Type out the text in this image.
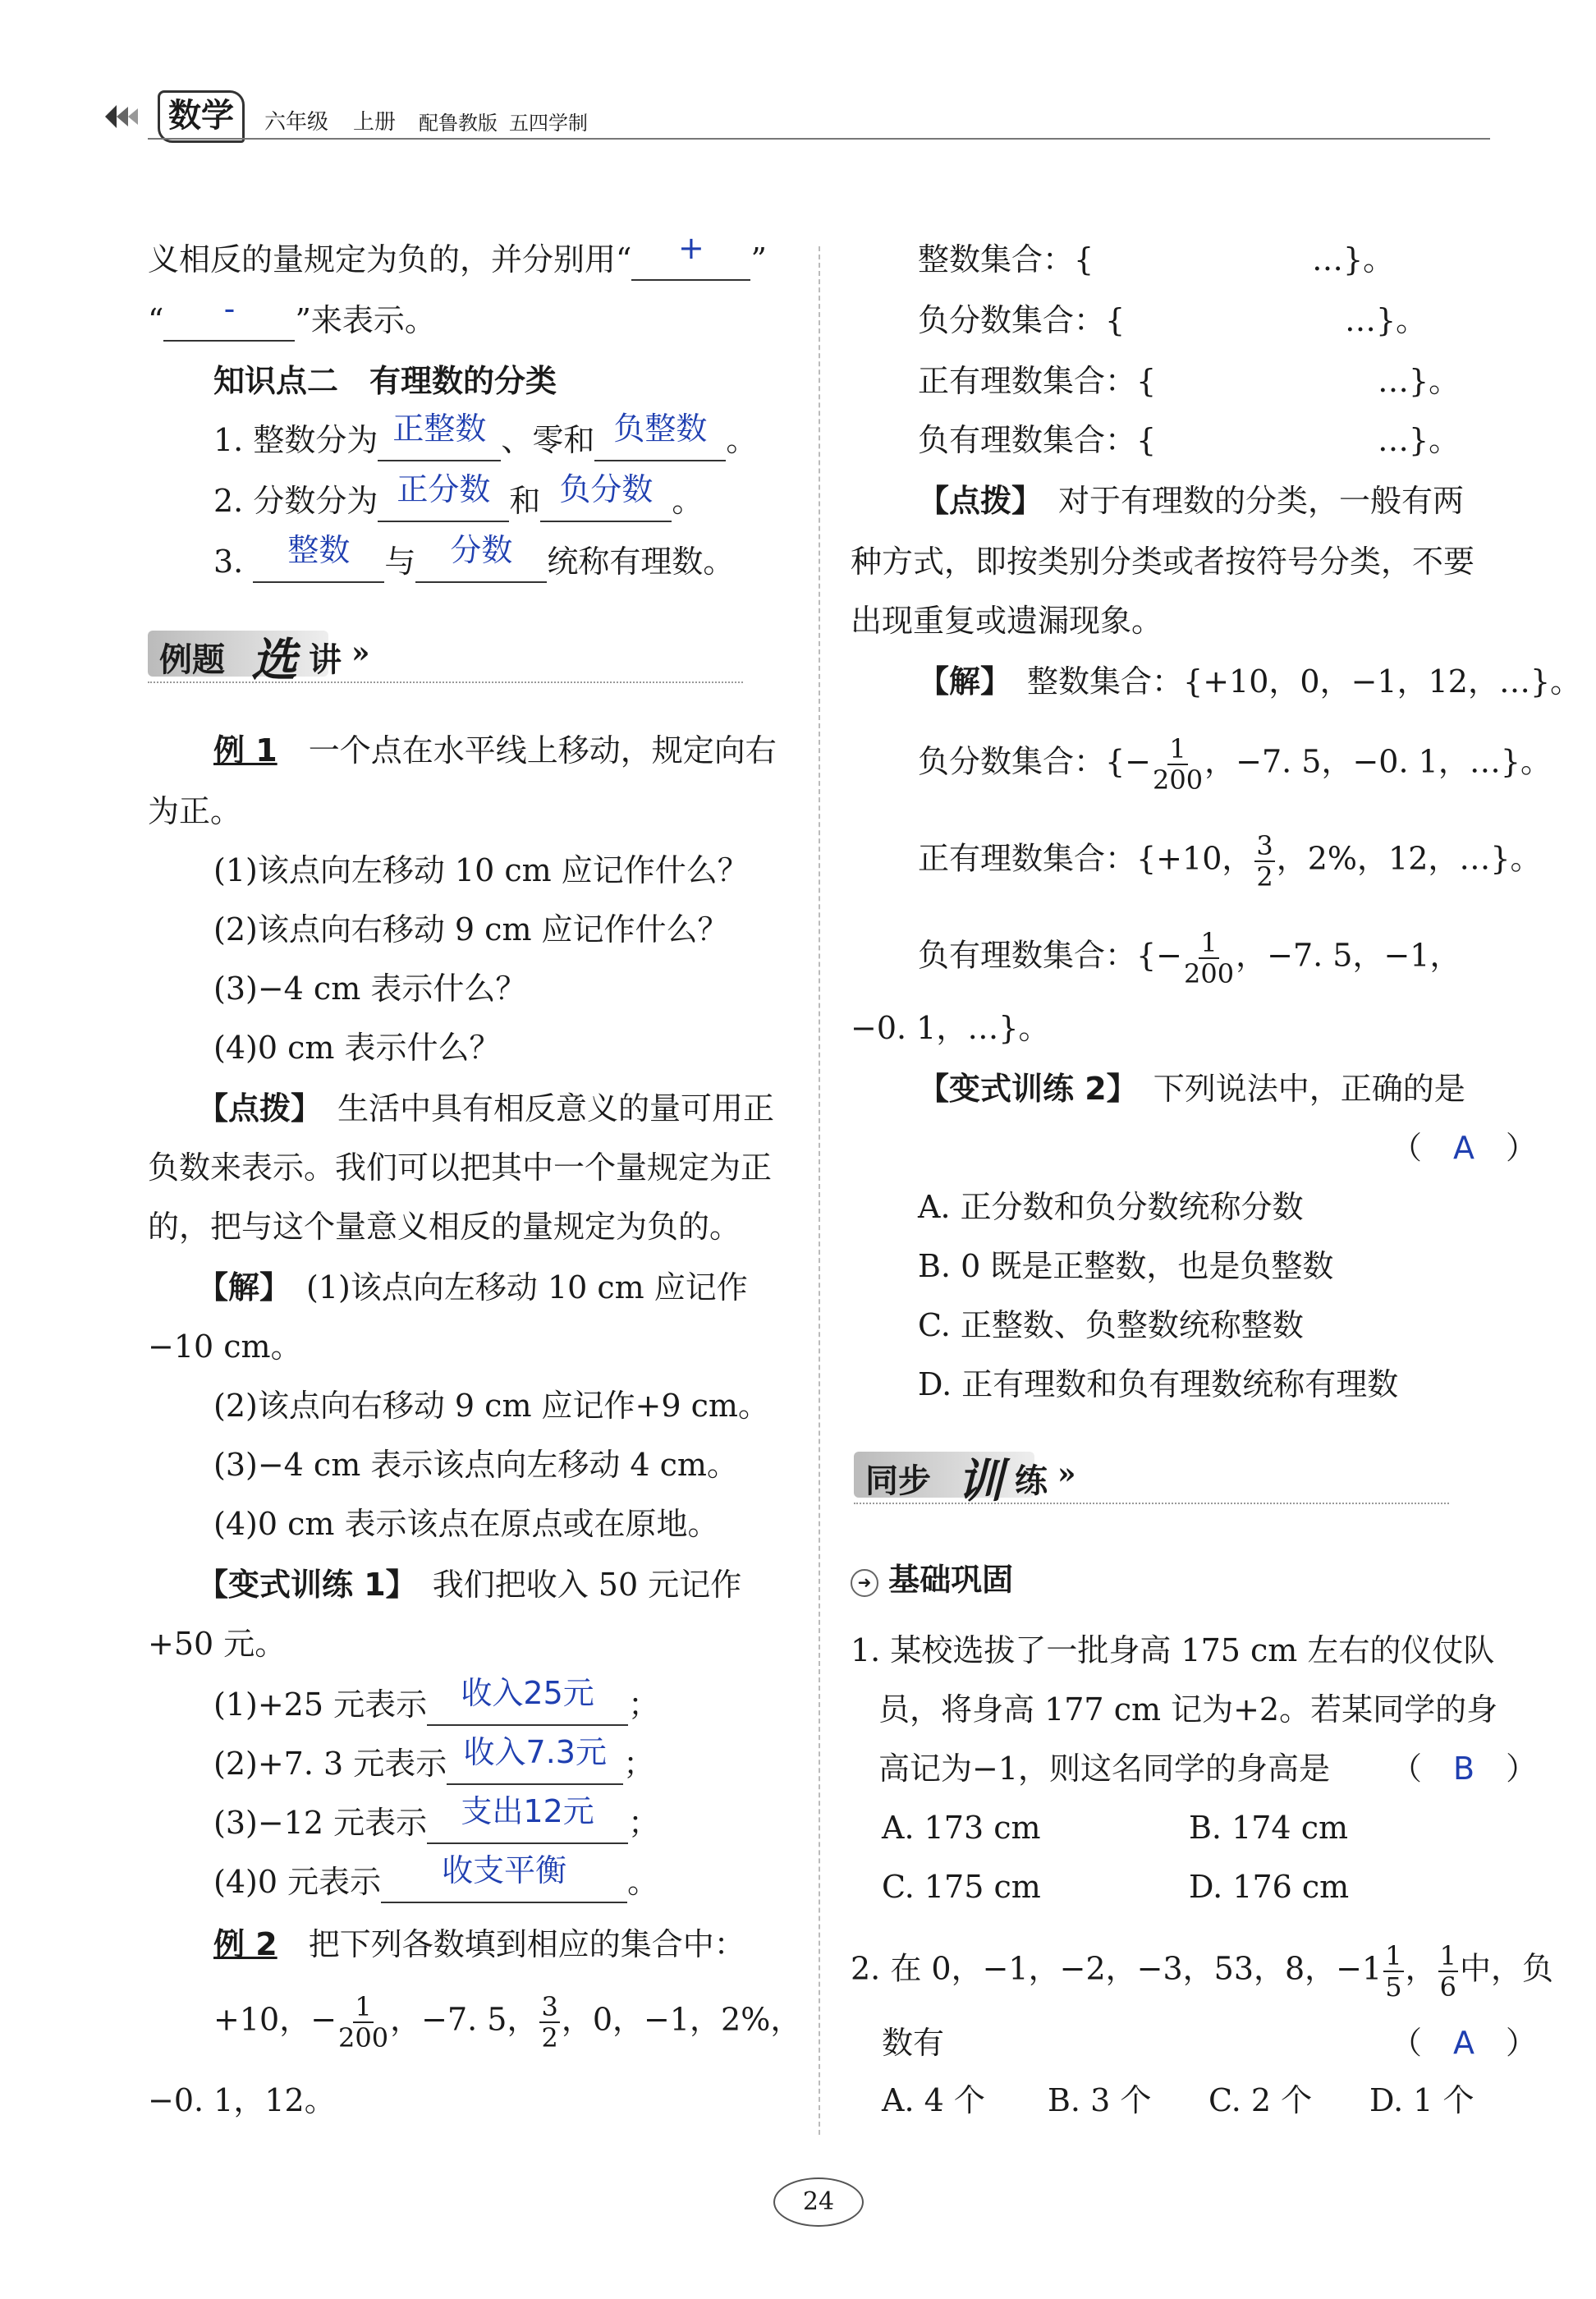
数学	六年级 上册 配鲁教版 五四学制
义相反的量规定为负的，并分别用“ + ”
“ - ”来表示。
知识点二　有理数的分类
1. 整数分为 正整数 、零和 负整数 。
2. 分数分为 正分数 和 负分数 。
3. 整数 与 分数 统称有理数。
例题 选 讲 »
例 1　 一个点在水平线上移动，规定向右
为正。
(1)该点向左移动 10 cm 应记作什么？
(2)该点向右移动 9 cm 应记作什么？
(3)−4 cm 表示什么？
(4)0 cm 表示什么？
【点拨】　 生活中具有相反意义的量可用正
负数来表示。我们可以把其中一个量规定为正
的，把与这个量意义相反的量规定为负的。
【解】　 (1)该点向左移动 10 cm 应记作
−10 cm。
(2)该点向右移动 9 cm 应记作+9 cm。
(3)−4 cm 表示该点向左移动 4 cm。
(4)0 cm 表示该点在原点或在原地。
【变式训练 1】　 我们把收入 50 元记作
+50 元。
(1)+25 元表示 收入25元 ；
(2)+7. 3 元表示 收入7.3元 ；
(3)−12 元表示 支出12元 ；
(4)0 元表示 收支平衡 。
例 2　 把下列各数填到相应的集合中：
+10，− $\frac{1}{200}$ ，−7. 5， $\frac{3}{2}$ ，0，−1，2%，
−0. 1，12。
整数集合：{	…}。
负分数集合：{	…}。
正有理数集合：{	…}。
负有理数集合：{	…}。
【点拨】　 对于有理数的分类，一般有两
种方式，即按类别分类或者按符号分类，不要
出现重复或遗漏现象。
【解】　 整数集合：{+10，0，−1，12，…}。
负分数集合：{− $\frac{1}{200}$ ，−7. 5，−0. 1，…}。
正有理数集合：{+10， $\frac{3}{2}$ ，2%，12，…}。
负有理数集合：{− $\frac{1}{200}$ ，−7. 5，−1，
−0. 1，…}。
【变式训练 2】　 下列说法中，正确的是
（　A　）
A. 正分数和负分数统称分数
B. 0 既是正整数，也是负整数
C. 正整数、负整数统称整数
D. 正有理数和负有理数统称有理数
同步 训 练 »
➜ 基础巩固
1. 某校选拔了一批身高 175 cm 左右的仪仗队
员，将身高 177 cm 记为+2。若某同学的身
高记为−1，则这名同学的身高是 （　B　）
A. 173 cm	B. 174 cm
C. 175 cm	D. 176 cm
2. 在 0，−1，−2，−3，53，8，$-1 \frac{1}{5}$ ， $\frac{1}{6}$ 中，负
数有	（　A　）
A. 4 个 B. 3 个 C. 2 个 D. 1 个
24
